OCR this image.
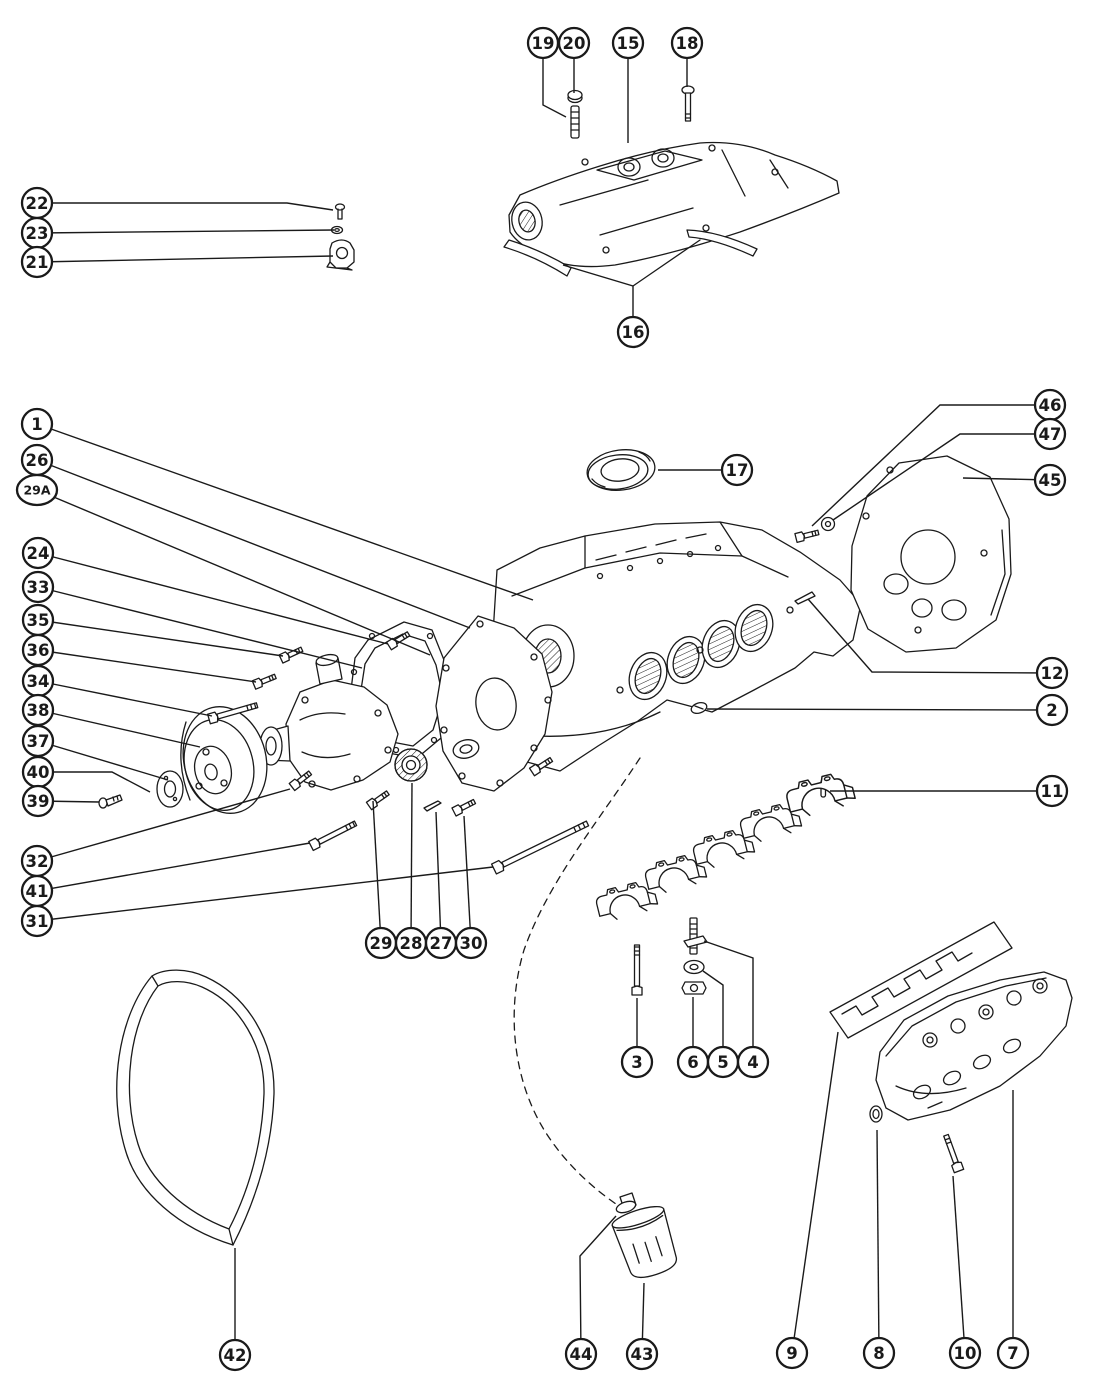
19 20 15 18
22
23
21
16
1
26
29A
24
33
35
36
34
38
37
40
39
32
41
31
17
46
47
45
12
2
11
29 28 27 30
3	6 5 4
42	44 43	9	8	10 7
